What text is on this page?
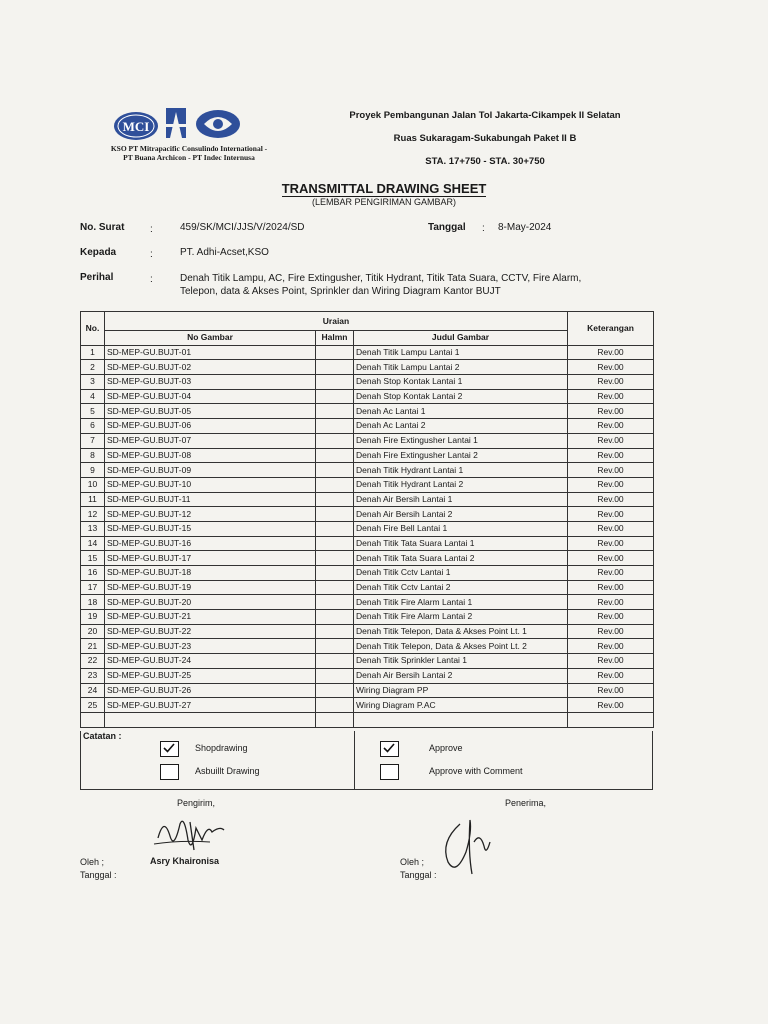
MCI
KSO PT Mitrapacific Consulindo International -
PT Buana Archicon - PT Indec Internusa
Proyek Pembangunan Jalan Tol Jakarta-Cikampek II Selatan
Ruas Sukaragam-Sukabungah Paket II B
STA. 17+750 - STA. 30+750
TRANSMITTAL DRAWING SHEET
(LEMBAR PENGIRIMAN GAMBAR)
No. Surat	:	459/SK/MCI/JJS/V/2024/SD	Tanggal : 8-May-2024
Kepada	:	PT. Adhi-Acset,KSO
Perihal	:	Denah Titik Lampu, AC, Fire Extingusher, Titik Hydrant, Titik Tata Suara, CCTV, Fire Alarm,
Telepon, data & Akses Point, Sprinkler dan Wiring Diagram Kantor BUJT
No.	Uraian			Keterangan
	No Gambar	Halmn	Judul Gambar	
1	SD-MEP-GU.BUJT-01		Denah Titik Lampu Lantai 1	Rev.00
2	SD-MEP-GU.BUJT-02		Denah Titik Lampu Lantai 2	Rev.00
3	SD-MEP-GU.BUJT-03		Denah Stop Kontak Lantai 1	Rev.00
4	SD-MEP-GU.BUJT-04		Denah Stop Kontak Lantai 2	Rev.00
5	SD-MEP-GU.BUJT-05		Denah Ac Lantai 1	Rev.00
6	SD-MEP-GU.BUJT-06		Denah Ac Lantai 2	Rev.00
7	SD-MEP-GU.BUJT-07		Denah Fire Extingusher Lantai 1	Rev.00
8	SD-MEP-GU.BUJT-08		Denah Fire Extingusher Lantai 2	Rev.00
9	SD-MEP-GU.BUJT-09		Denah Titik Hydrant Lantai 1	Rev.00
10	SD-MEP-GU.BUJT-10		Denah Titik Hydrant Lantai 2	Rev.00
11	SD-MEP-GU.BUJT-11		Denah Air Bersih Lantai 1	Rev.00
12	SD-MEP-GU.BUJT-12		Denah Air Bersih Lantai 2	Rev.00
13	SD-MEP-GU.BUJT-15		Denah Fire Bell Lantai 1	Rev.00
14	SD-MEP-GU.BUJT-16		Denah Titik Tata Suara Lantai 1	Rev.00
15	SD-MEP-GU.BUJT-17		Denah Titik Tata Suara Lantai 2	Rev.00
16	SD-MEP-GU.BUJT-18		Denah Titik Cctv Lantai 1	Rev.00
17	SD-MEP-GU.BUJT-19		Denah Titik Cctv Lantai 2	Rev.00
18	SD-MEP-GU.BUJT-20		Denah Titik Fire Alarm Lantai 1	Rev.00
19	SD-MEP-GU.BUJT-21		Denah Titik Fire Alarm Lantai 2	Rev.00
20	SD-MEP-GU.BUJT-22		Denah Titik Telepon, Data & Akses Point Lt. 1	Rev.00
21	SD-MEP-GU.BUJT-23		Denah Titik Telepon, Data & Akses Point Lt. 2	Rev.00
22	SD-MEP-GU.BUJT-24		Denah Titik Sprinkler Lantai 1	Rev.00
23	SD-MEP-GU.BUJT-25		Denah Air Bersih Lantai 2	Rev.00
24	SD-MEP-GU.BUJT-26		Wiring Diagram PP	Rev.00
25	SD-MEP-GU.BUJT-27		Wiring Diagram P.AC	Rev.00

Catatan :
Shopdrawing
Asbuillt Drawing
Approve
Approve with Comment
Pengirim,	Penerima,
Asry Khaironisa
Oleh ;
Tanggal :
Oleh ;
Tanggal :
